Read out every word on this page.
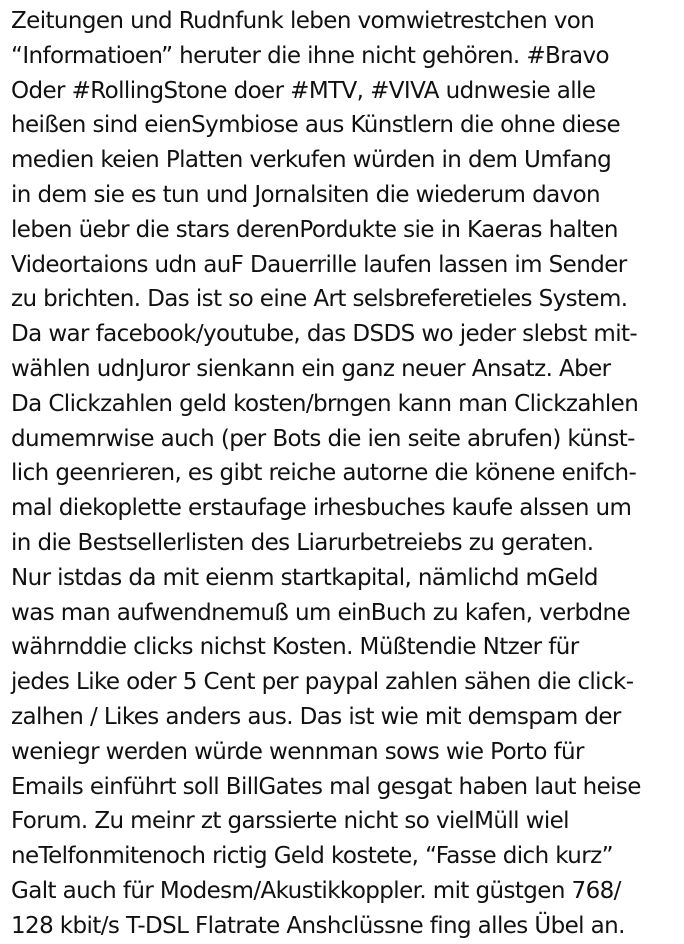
Zeitungen und Rudnfunk leben vomwietrestchen von
“Informatioen” heruter die ihne nicht gehören. #Bravo
Oder #RollingStone doer #MTV, #VIVA udnwesie alle
heißen sind eienSymbiose aus Künstlern die ohne diese
medien keien Platten verkufen würden in dem Umfang
in dem sie es tun und Jornalsiten die wiederum davon
leben üebr die stars derenPordukte sie in Kaeras halten
Videortaions udn auF Dauerrille laufen lassen im Sender
zu brichten. Das ist so eine Art selsbreferetieles System.
Da war facebook/youtube, das DSDS wo jeder slebst mit-
wählen udnJuror sienkann ein ganz neuer Ansatz. Aber
Da Clickzahlen geld kosten/brngen kann man Clickzahlen
dumemrwise auch (per Bots die ien seite abrufen) künst-
lich geenrieren, es gibt reiche autorne die könene enifch-
mal diekoplette erstaufage irhesbuches kaufe alssen um
in die Bestsellerlisten des Liarurbetreiebs zu geraten.
Nur istdas da mit eienm startkapital, nämlichd mGeld
was man aufwendnemuß um einBuch zu kafen, verbdne
währnddie clicks nichst Kosten. Müßtendie Ntzer für
jedes Like oder 5 Cent per paypal zahlen sähen die click-
zalhen / Likes anders aus. Das ist wie mit demspam der
weniegr werden würde wennman sows wie Porto für
Emails einführt soll BillGates mal gesgat haben laut heise
Forum. Zu meinr zt garssierte nicht so vielMüll wiel
neTelfonmitenoch rictig Geld kostete, “Fasse dich kurz”
Galt auch für Modesm/Akustikkoppler. mit güstgen 768/
128 kbit/s T-DSL Flatrate Anshclüssne fing alles Übel an.
